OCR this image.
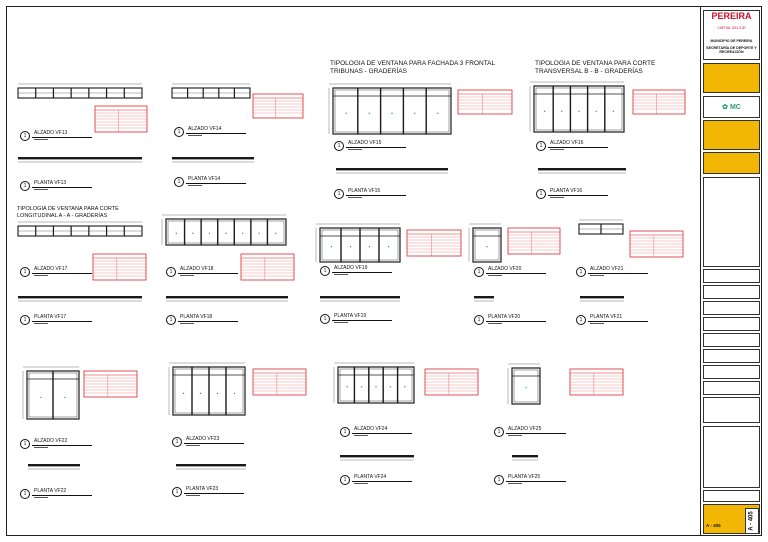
TIPOLOGIA DE VENTANA PARA FACHADA 3 FRONTAL TRIBUNAS - GRADERÍAS
TIPOLOGIA DE VENTANA PARA CORTE TRANSVERSAL B - B - GRADERÍAS
TIPOLOGIA DE VENTANA PARA CORTE LONGITUDINAL A - A - GRADERÍAS
1	ALZADO VF13
1	PLANTA VF13
1	ALZADO VF14
1	PLANTA VF14
1	ALZADO VF15
1	PLANTA VF15
1	ALZADO VF16
1	PLANTA VF16
1	ALZADO VF17
1	PLANTA VF17
1	ALZADO VF18
1	PLANTA VF18
1	ALZADO VF19
1	PLANTA VF19
1	ALZADO VF20
1	PLANTA VF20
1	ALZADO VF21
1	PLANTA VF21
1	ALZADO VF22
1	PLANTA VF22
1	ALZADO VF23
1	PLANTA VF23
1	ALZADO VF24
1	PLANTA VF24
1	ALZADO VF25
1	PLANTA VF25
PEREIRA
CAPITAL DEL EJE
MUNICIPIO DE PEREIRA
SECRETARÍA DE DEPORTE Y RECREACIÓN
✿ MC
A - 405	A - 405
